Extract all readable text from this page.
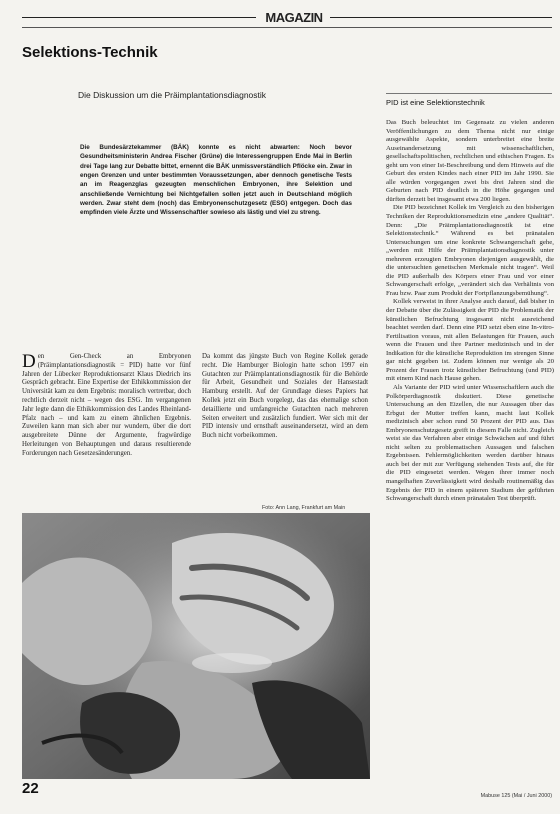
MAGAZIN
Selektions-Technik
Die Diskussion um die Präimplantationsdiagnostik
Die Bundesärztekammer (BÄK) konnte es nicht abwarten: Noch bevor Gesundheitsministerin Andrea Fischer (Grüne) die Interessengruppen Ende Mai in Berlin drei Tage lang zur Debatte bittet, ernennt die BÄK unmissverständlich Pflöcke ein. Zwar in engen Grenzen und unter bestimmten Voraussetzungen, aber dennoch genetische Tests an im Reagenzglas gezeugten menschlichen Embryonen, ihre Selektion und anschließende Vernichtung bei Nichtgefallen sollen jetzt auch in Deutschland möglich werden. Zwar steht dem (noch) das Embryonenschutzgesetz (ESG) entgegen. Doch das empfinden viele Ärzte und Wissenschaftler sowieso als lästig und viel zu streng.

Den Gen-Check an Embryonen (Präimplantationsdiagnostik = PID) hatte vor fünf Jahren der Lübecker Reproduktionsarzt Klaus Diedrich ins Gespräch gebracht. Eine Expertise der Ethikkommission der Universität kam zu dem Ergebnis: moralisch vertretbar, doch rechtlich derzeit nicht – wegen des ESG. Im vergangenen Jahr legte dann die Ethikkommission des Landes Rheinland-Pfalz nach – und kam zu einem ähnlichen Ergebnis. Zuweilen kann man sich aber nur wundern, über die dort ausgebreitete Dünne der Argumente, fragwürdige Herleitungen von Behauptungen und daraus resultierende Forderungen nach Gesetzesänderungen.

Da kommt das jüngste Buch von Regine Kollek gerade recht. Die Hamburger Biologin hatte schon 1997 ein Gutachten zur Präimplantationsdiagnostik für die Behörde für Arbeit, Gesundheit und Soziales der Hansestadt Hamburg erstellt. Auf der Grundlage dieses Papiers hat Kollek jetzt ein Buch vorgelegt, das das ehemalige schon detaillierte und umfangreiche Gutachten nach mehreren Seiten erweitert und zusätzlich fundiert. Wer sich mit der PID intensiv und ernsthaft auseinandersetzt, wird an dem Buch nicht vorbeikommen.

PID ist eine Selektionstechnik

Das Buch beleuchtet im Gegensatz zu vielen anderen Veröffentlichungen zu dem Thema nicht nur einige ausgewählte Aspekte, sondern unterbreitet eine breite Auseinandersetzung mit wissenschaftlichen, gesellschaftspolitischen, rechtlichen und ethischen Fragen. Es geht um von einer Ist-Beschreibung und dem Hinweis auf die Geburt des ersten Kindes nach einer PID im Jahr 1990. Sie alle würden vorgegangen zwei bis drei Jahren sind die Geburten nach PID deutlich in die Höhe gegangen und dürften derzeit bei insgesamt etwa 200 liegen.

Die PID bezeichnet Kollek im Vergleich zu den bisherigen Techniken der Reproduktionsmedizin eine „andere Qualität“. Denn: „Die Präimplantationsdiagnostik ist eine Selektionstechnik.“ Während es bei pränatalen Untersuchungen um eine konkrete Schwangerschaft gehe, „werden mit Hilfe der Präimplantationsdiagnostik unter mehreren erzeugten Embryonen diejenigen ausgewählt, die die untersuchten genetischen Merkmale nicht tragen“. Weil die PID außerhalb des Körpers einer Frau und vor einer Schwangerschaft erfolge, „verändert sich das Verhältnis von Frau bzw. Paar zum Produkt der Fortpflanzungsbemühung“.

Kollek verweist in ihrer Analyse auch darauf, daß bisher in der Debatte über die Zulässigkeit der PID die Problematik der künstlichen Befruchtung insgesamt nicht ausreichend beachtet werden darf. Denn eine PID setzt eben eine In-vitro-Fertilisation voraus, mit allen Belastungen für Frauen, auch wenn die Frauen und ihre Partner medizinisch und in der Indikation für die künstliche Reproduktion im strengen Sinne gar nicht gegeben ist. Zudem können nur wenige als 20 Prozent der Frauen trotz künstlicher Befruchtung (und PID) mit einem Kind nach Hause gehen.

Als Variante der PID wird unter Wissenschaftlern auch die Polkörperdiagnostik diskutiert. Diese genetische Untersuchung an den Eizellen, die nur Aussagen über das Erbgut der Mutter treffen kann, macht laut Kollek medizinisch aber schon rund 50 Prozent der PID aus. Das Embryonenschutzgesetz greift in diesem Falle nicht. Zugleich weist sie das Verfahren aber einige Schwächen auf und führt nicht selten zu problematischen Aussagen und falschen Ergebnissen. Fehlermöglichkeiten werden darüber hinaus auch bei der mit zur Verfügung stehenden Tests auf, die für die PID eingesetzt werden. Wegen ihrer immer noch mangelhaften Zuverlässigkeit wird deshalb routinemäßig das Ergebnis der PID in einem späteren Stadium der geführten Schwangerschaft durch einen pränatalen Test überprüft.

Foto: Ann Lang, Frankfurt am Main
22	Mabuse 125 (Mai / Juni 2000)
